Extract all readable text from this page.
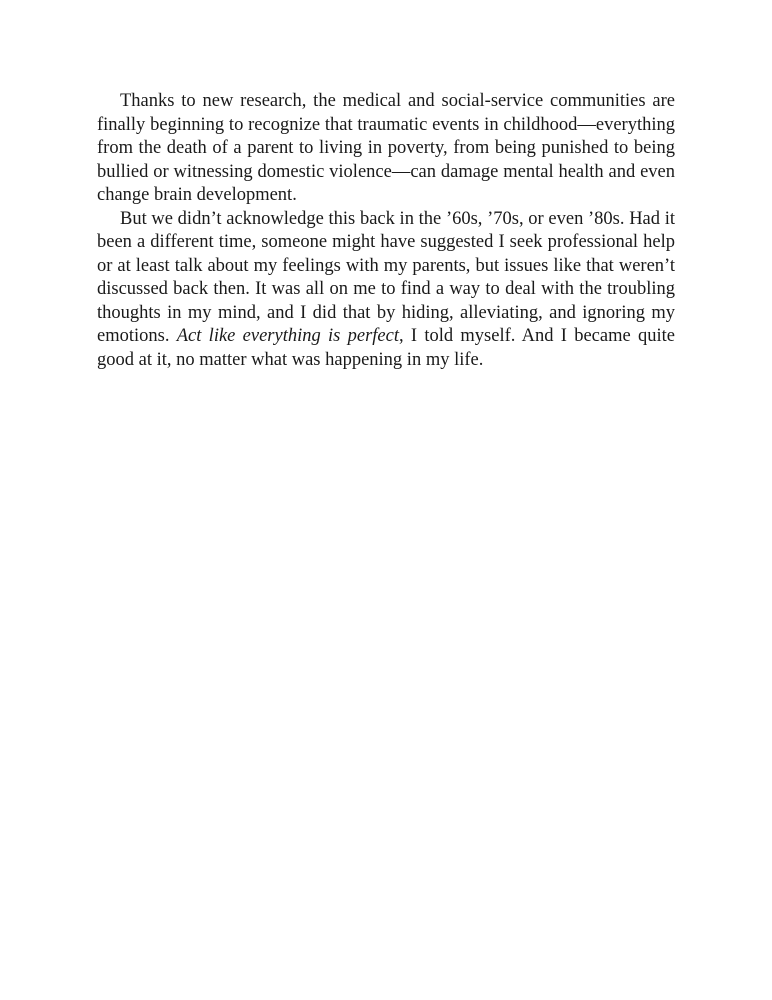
Thanks to new research, the medical and social-service communities are finally beginning to recognize that traumatic events in childhood—everything from the death of a parent to living in poverty, from being punished to being bullied or witnessing domestic violence—can damage mental health and even change brain development.

But we didn’t acknowledge this back in the ’60s, ’70s, or even ’80s. Had it been a different time, someone might have suggested I seek professional help or at least talk about my feelings with my parents, but issues like that weren’t discussed back then. It was all on me to find a way to deal with the troubling thoughts in my mind, and I did that by hiding, alleviating, and ignoring my emotions. Act like everything is perfect, I told myself. And I became quite good at it, no matter what was happening in my life.
